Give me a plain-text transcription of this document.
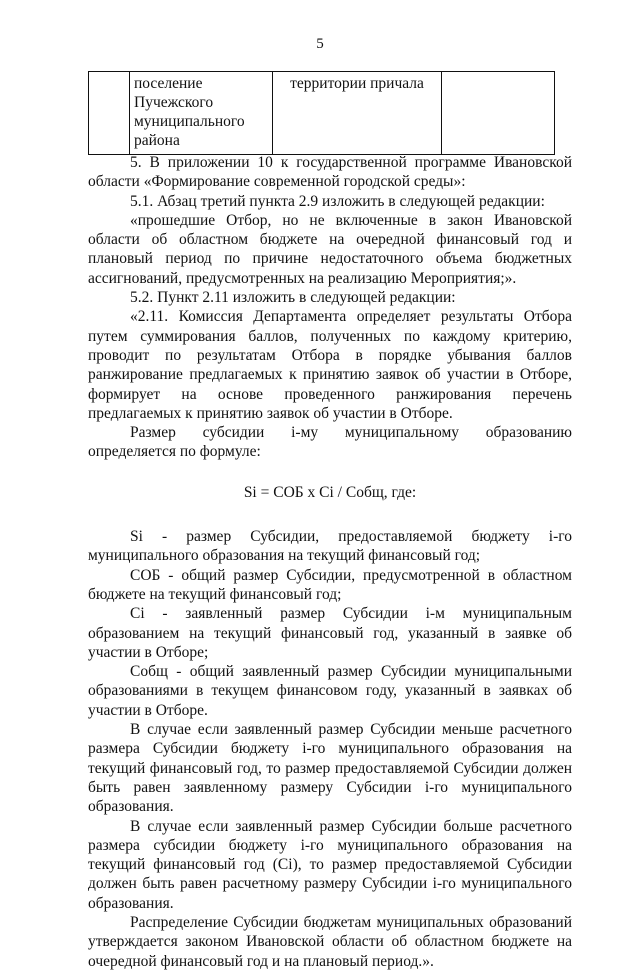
5
	поселение Пучежского муниципального района	территории причала	

5. В приложении 10 к государственной программе Ивановской области «Формирование современной городской среды»:

5.1. Абзац третий пункта 2.9 изложить в следующей редакции:

«прошедшие Отбор, но не включенные в закон Ивановской области об областном бюджете на очередной финансовый год и плановый период по причине недостаточного объема бюджетных ассигнований, предусмотренных на реализацию Мероприятия;».

5.2. Пункт 2.11 изложить в следующей редакции:

«2.11. Комиссия Департамента определяет результаты Отбора путем суммирования баллов, полученных по каждому критерию, проводит по результатам Отбора в порядке убывания баллов ранжирование предлагаемых к принятию заявок об участии в Отборе, формирует на основе проведенного ранжирования перечень предлагаемых к принятию заявок об участии в Отборе.

Размер субсидии i-му муниципальному образованию определяется по формуле:

Si = СОБ х Ci / Собщ, где:

Si - размер Субсидии, предоставляемой бюджету i-го муниципального образования на текущий финансовый год;

СОБ - общий размер Субсидии, предусмотренной в областном бюджете на текущий финансовый год;

Ci - заявленный размер Субсидии i-м муниципальным образованием на текущий финансовый год, указанный в заявке об участии в Отборе;

Собщ - общий заявленный размер Субсидии муниципальными образованиями в текущем финансовом году, указанный в заявках об участии в Отборе.

В случае если заявленный размер Субсидии меньше расчетного размера Субсидии бюджету i-го муниципального образования на текущий финансовый год, то размер предоставляемой Субсидии должен быть равен заявленному размеру Субсидии i-го муниципального образования.

В случае если заявленный размер Субсидии больше расчетного размера субсидии бюджету i-го муниципального образования на текущий финансовый год (Ci), то размер предоставляемой Субсидии должен быть равен расчетному размеру Субсидии i-го муниципального образования.

Распределение Субсидии бюджетам муниципальных образований утверждается законом Ивановской области об областном бюджете на очередной финансовый год и на плановый период.».
